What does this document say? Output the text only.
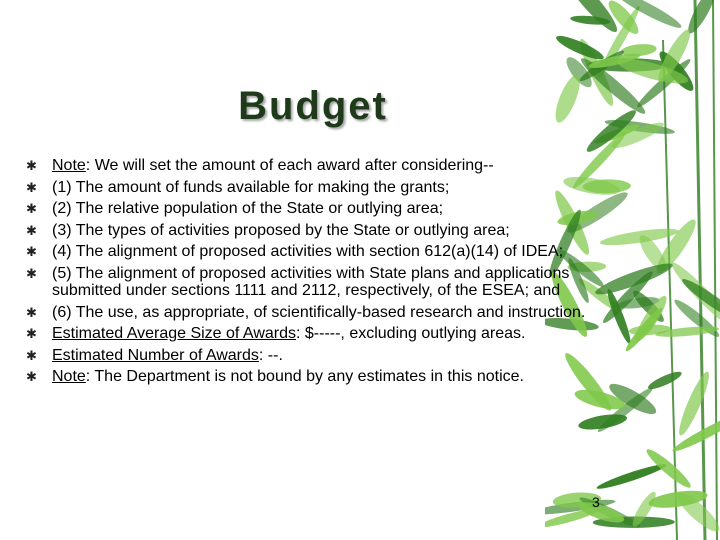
Budget
✱ Note: We will set the amount of each award after considering--
✱ (1) The amount of funds available for making the grants;
✱ (2) The relative population of the State or outlying area;
✱ (3) The types of activities proposed by the State or outlying area;
✱ (4) The alignment of proposed activities with section 612(a)(14) of IDEA;
✱ (5) The alignment of proposed activities with State plans and applications submitted under sections 1111 and 2112, respectively, of the ESEA; and
✱ (6) The use, as appropriate, of scientifically-based research and instruction.
✱ Estimated Average Size of Awards: $-----, excluding outlying areas.
✱ Estimated Number of Awards: --.
✱ Note: The Department is not bound by any estimates in this notice.
3
